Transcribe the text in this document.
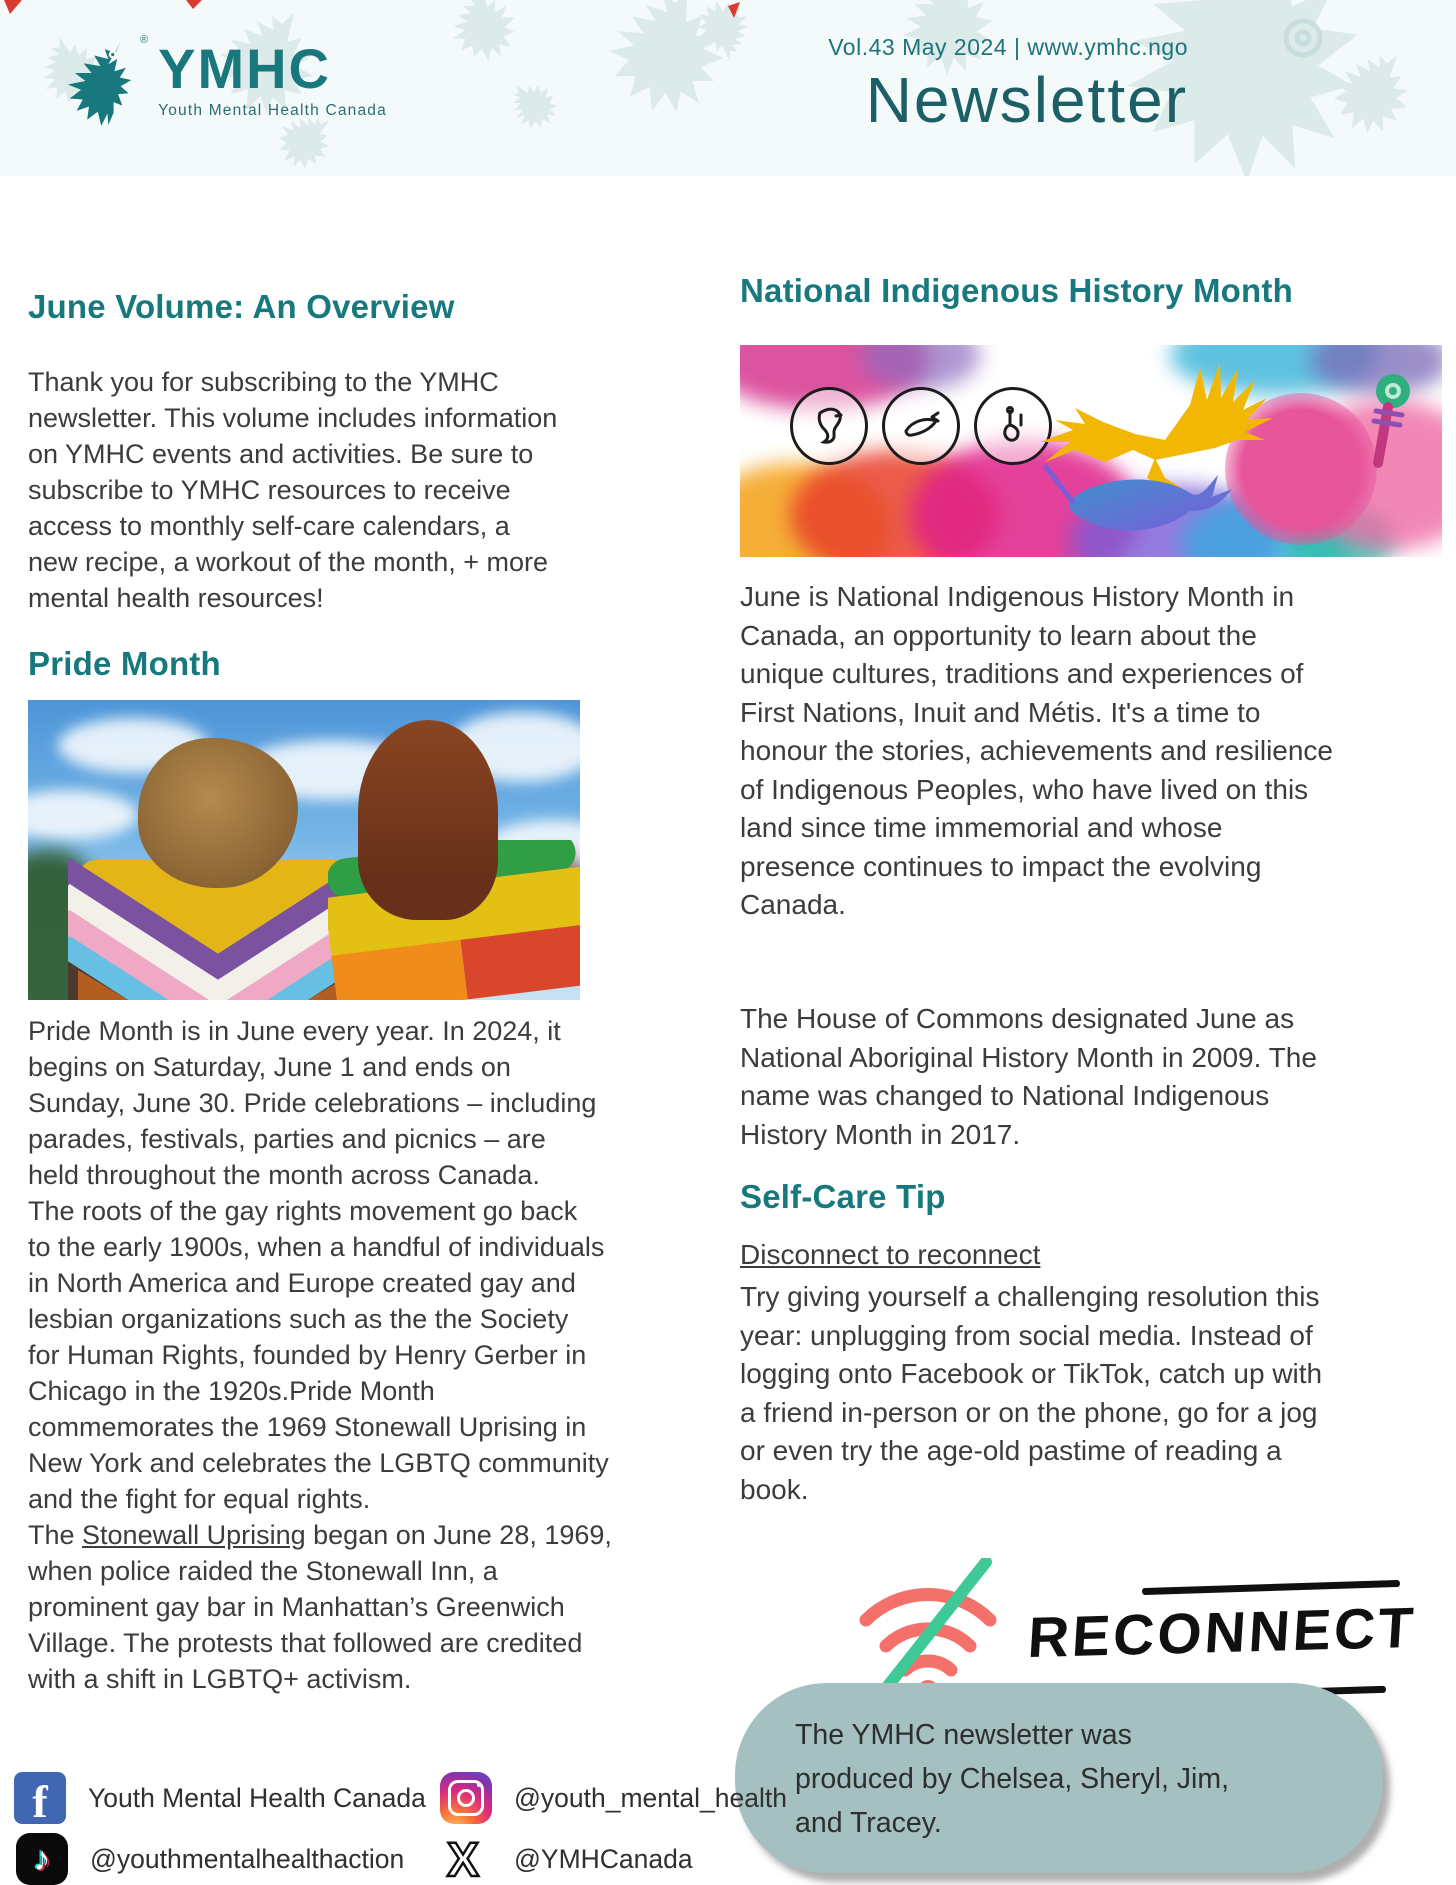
® YMHC
Youth Mental Health Canada
Vol.43 May 2024 | www.ymhc.ngo
Newsletter
June Volume: An Overview
Thank you for subscribing to the YMHC
newsletter. This volume includes information
on YMHC events and activities. Be sure to
subscribe to YMHC resources to receive
access to monthly self-care calendars, a
new recipe, a workout of the month, + more
mental health resources!
Pride Month
Pride Month is in June every year. In 2024, it
begins on Saturday, June 1 and ends on
Sunday, June 30. Pride celebrations – including
parades, festivals, parties and picnics – are
held throughout the month across Canada.
The roots of the gay rights movement go back
to the early 1900s, when a handful of individuals
in North America and Europe created gay and
lesbian organizations such as the the Society
for Human Rights, founded by Henry Gerber in
Chicago in the 1920s.Pride Month
commemorates the 1969 Stonewall Uprising in
New York and celebrates the LGBTQ community
and the fight for equal rights.
The Stonewall Uprising began on June 28, 1969,
when police raided the Stonewall Inn, a
prominent gay bar in Manhattan’s Greenwich
Village. The protests that followed are credited
with a shift in LGBTQ+ activism.
National Indigenous History Month
June is National Indigenous History Month in
Canada, an opportunity to learn about the
unique cultures, traditions and experiences of
First Nations, Inuit and Métis. It's a time to
honour the stories, achievements and resilience
of Indigenous Peoples, who have lived on this
land since time immemorial and whose
presence continues to impact the evolving
Canada.
The House of Commons designated June as
National Aboriginal History Month in 2009. The
name was changed to National Indigenous
History Month in 2017.
Self-Care Tip
Disconnect to reconnect
Try giving yourself a challenging resolution this
year: unplugging from social media. Instead of
logging onto Facebook or TikTok, catch up with
a friend in-person or on the phone, go for a jog
or even try the age-old pastime of reading a
book.
RECONNECT
The YMHC newsletter was
produced by Chelsea, Sheryl, Jim,
and Tracey.
f Youth Mental Health Canada	@youth_mental_health
♪ @youthmentalhealthaction X @YMHCanada
